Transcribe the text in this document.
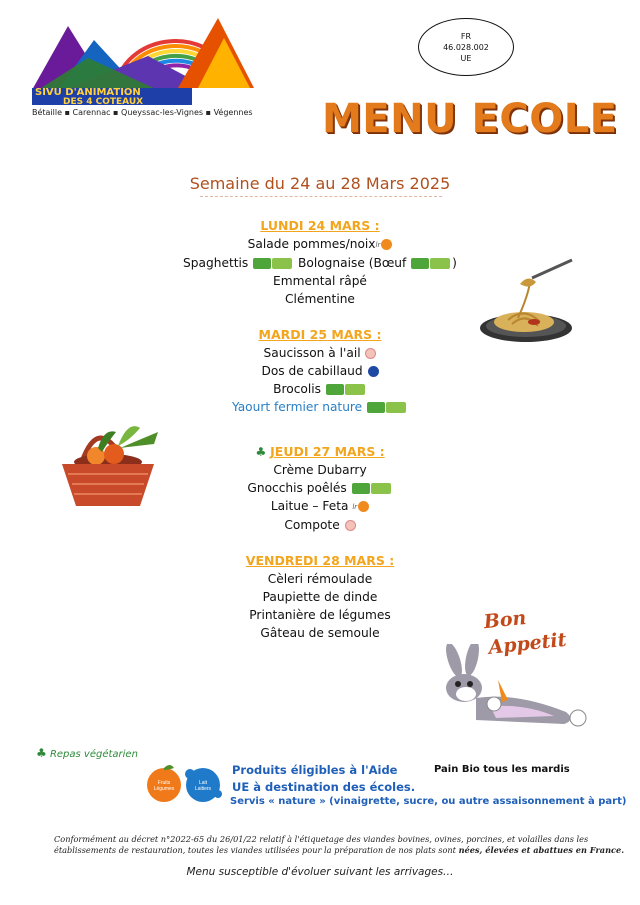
SIVU D'ANIMATION
DES 4 COTEAUX
Bétaille ▪ Carennac ▪ Queyssac-les-Vignes ▪ Végennes
FR
46.028.002
UE
MENU ECOLE
Semaine du 24 au 28 Mars 2025
LUNDI 24 MARS :
Salade pommes/noixlr
Spaghettis	Bolognaise (Bœuf	)
Emmental râpé
Clémentine
MARDI 25 MARS :
Saucisson à l'ail
Dos de cabillaud
Brocolis
Yaourt fermier nature
♣ JEUDI 27 MARS :
Crème Dubarry
Gnocchis poêlés
Laitue – Feta lr
Compote
VENDREDI 28 MARS :
Cèleri rémoulade
Paupiette de dinde
Printanière de légumes
Gâteau de semoule	Bon
Appetit
♣ Repas végétarien
Fruits
Légumes
Lait
Laitiers
Produits éligibles à l'Aide
UE à destination des écoles.
Servis « nature » (vinaigrette, sucre, ou autre assaisonnement à part)
Pain Bio tous les mardis
Conformément au décret n°2022-65 du 26/01/22 relatif à l'étiquetage des viandes bovines, ovines, porcines, et volailles dans les établissements de restauration, toutes les viandes utilisées pour la préparation de nos plats sont nées, élevées et abattues en France.
Menu susceptible d'évoluer suivant les arrivages…
